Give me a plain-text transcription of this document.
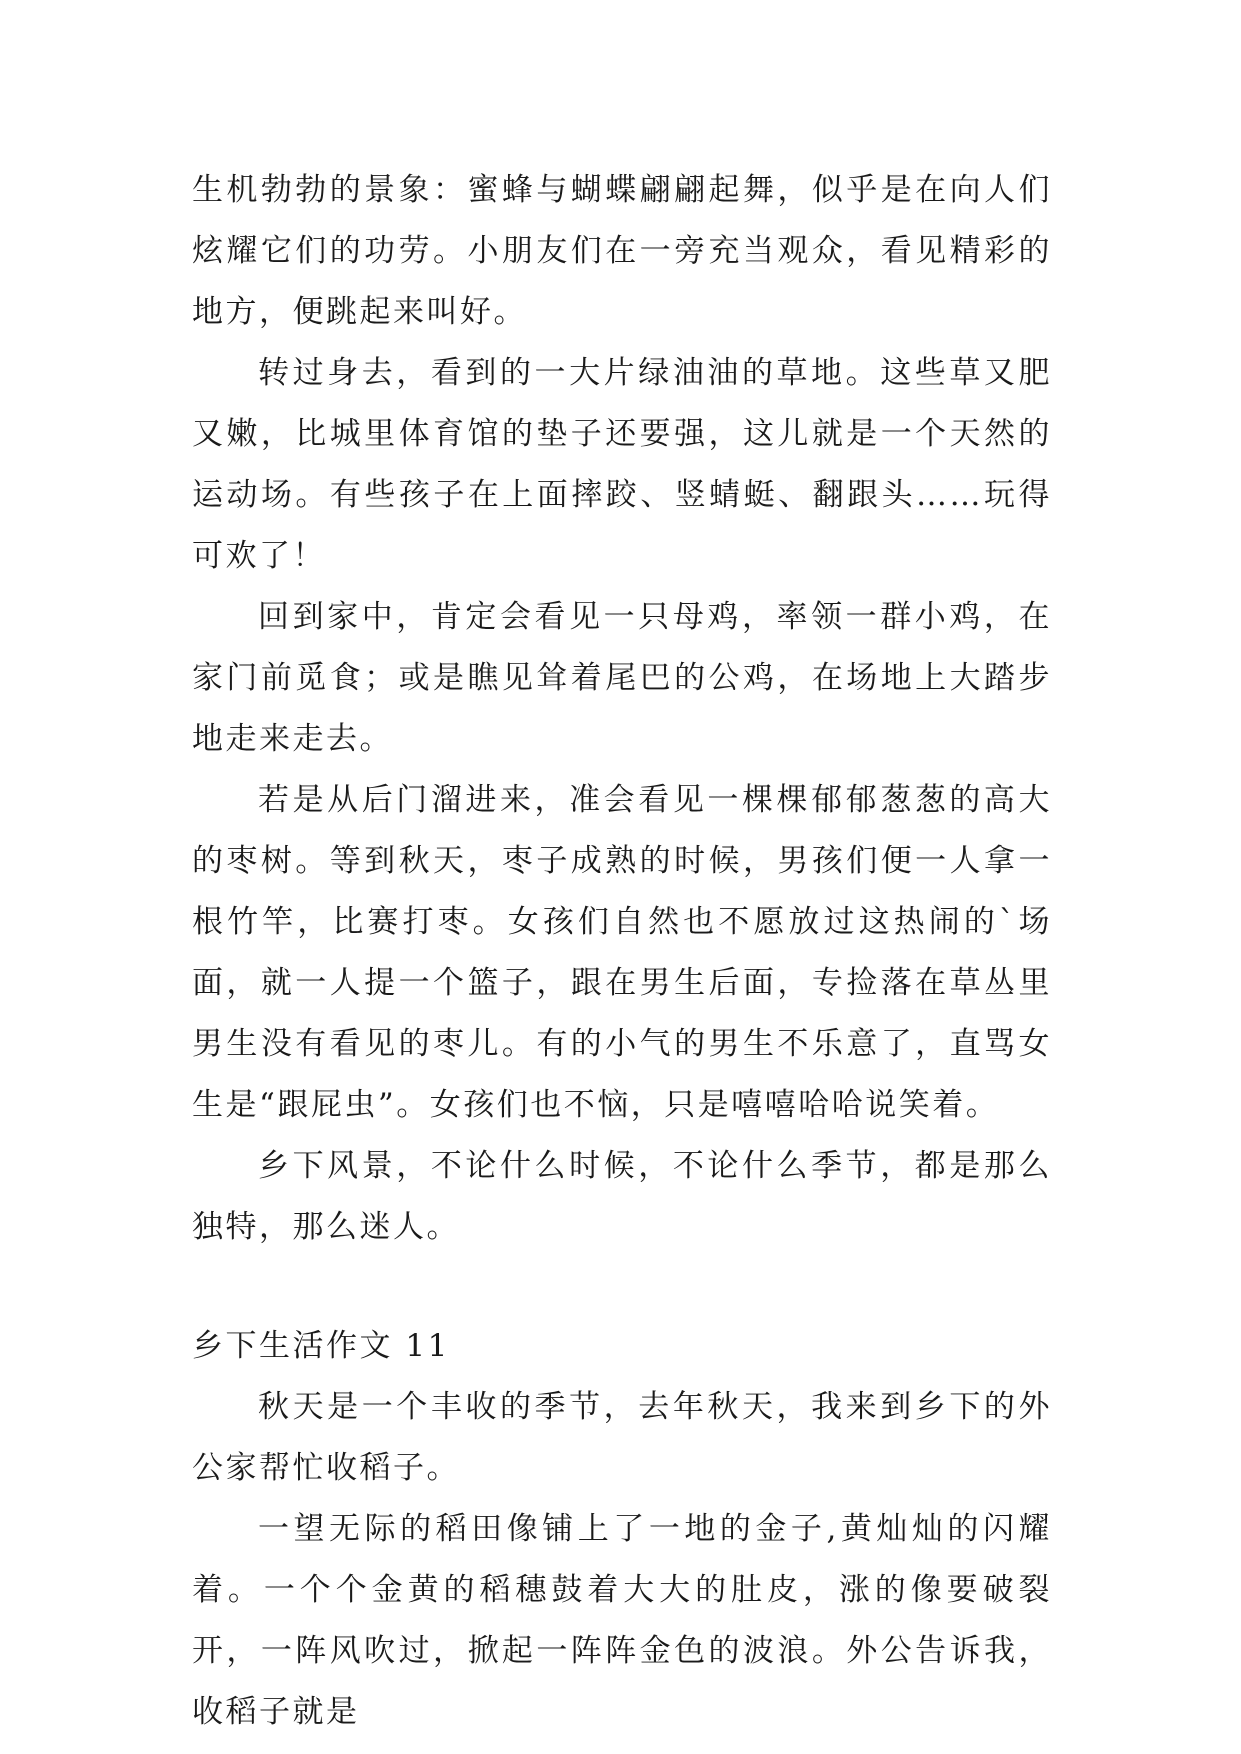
生机勃勃的景象：蜜蜂与蝴蝶翩翩起舞，似乎是在向人们炫耀它们的功劳。小朋友们在一旁充当观众，看见精彩的地方，便跳起来叫好。

转过身去，看到的一大片绿油油的草地。这些草又肥又嫩，比城里体育馆的垫子还要强，这儿就是一个天然的运动场。有些孩子在上面摔跤、竖蜻蜓、翻跟头……玩得可欢了！

回到家中，肯定会看见一只母鸡，率领一群小鸡，在家门前觅食；或是瞧见耸着尾巴的公鸡，在场地上大踏步地走来走去。

若是从后门溜进来，准会看见一棵棵郁郁葱葱的高大的枣树。等到秋天，枣子成熟的时候，男孩们便一人拿一根竹竿，比赛打枣。女孩们自然也不愿放过这热闹的`场面，就一人提一个篮子，跟在男生后面，专捡落在草丛里男生没有看见的枣儿。有的小气的男生不乐意了，直骂女生是“跟屁虫”。女孩们也不恼，只是嘻嘻哈哈说笑着。

乡下风景，不论什么时候，不论什么季节，都是那么独特，那么迷人。

乡下生活作文 11

秋天是一个丰收的季节，去年秋天，我来到乡下的外公家帮忙收稻子。

一望无际的稻田像铺上了一地的金子,黄灿灿的闪耀着。一个个金黄的稻穗鼓着大大的肚皮，涨的像要破裂开，一阵风吹过，掀起一阵阵金色的波浪。外公告诉我，收稻子就是
